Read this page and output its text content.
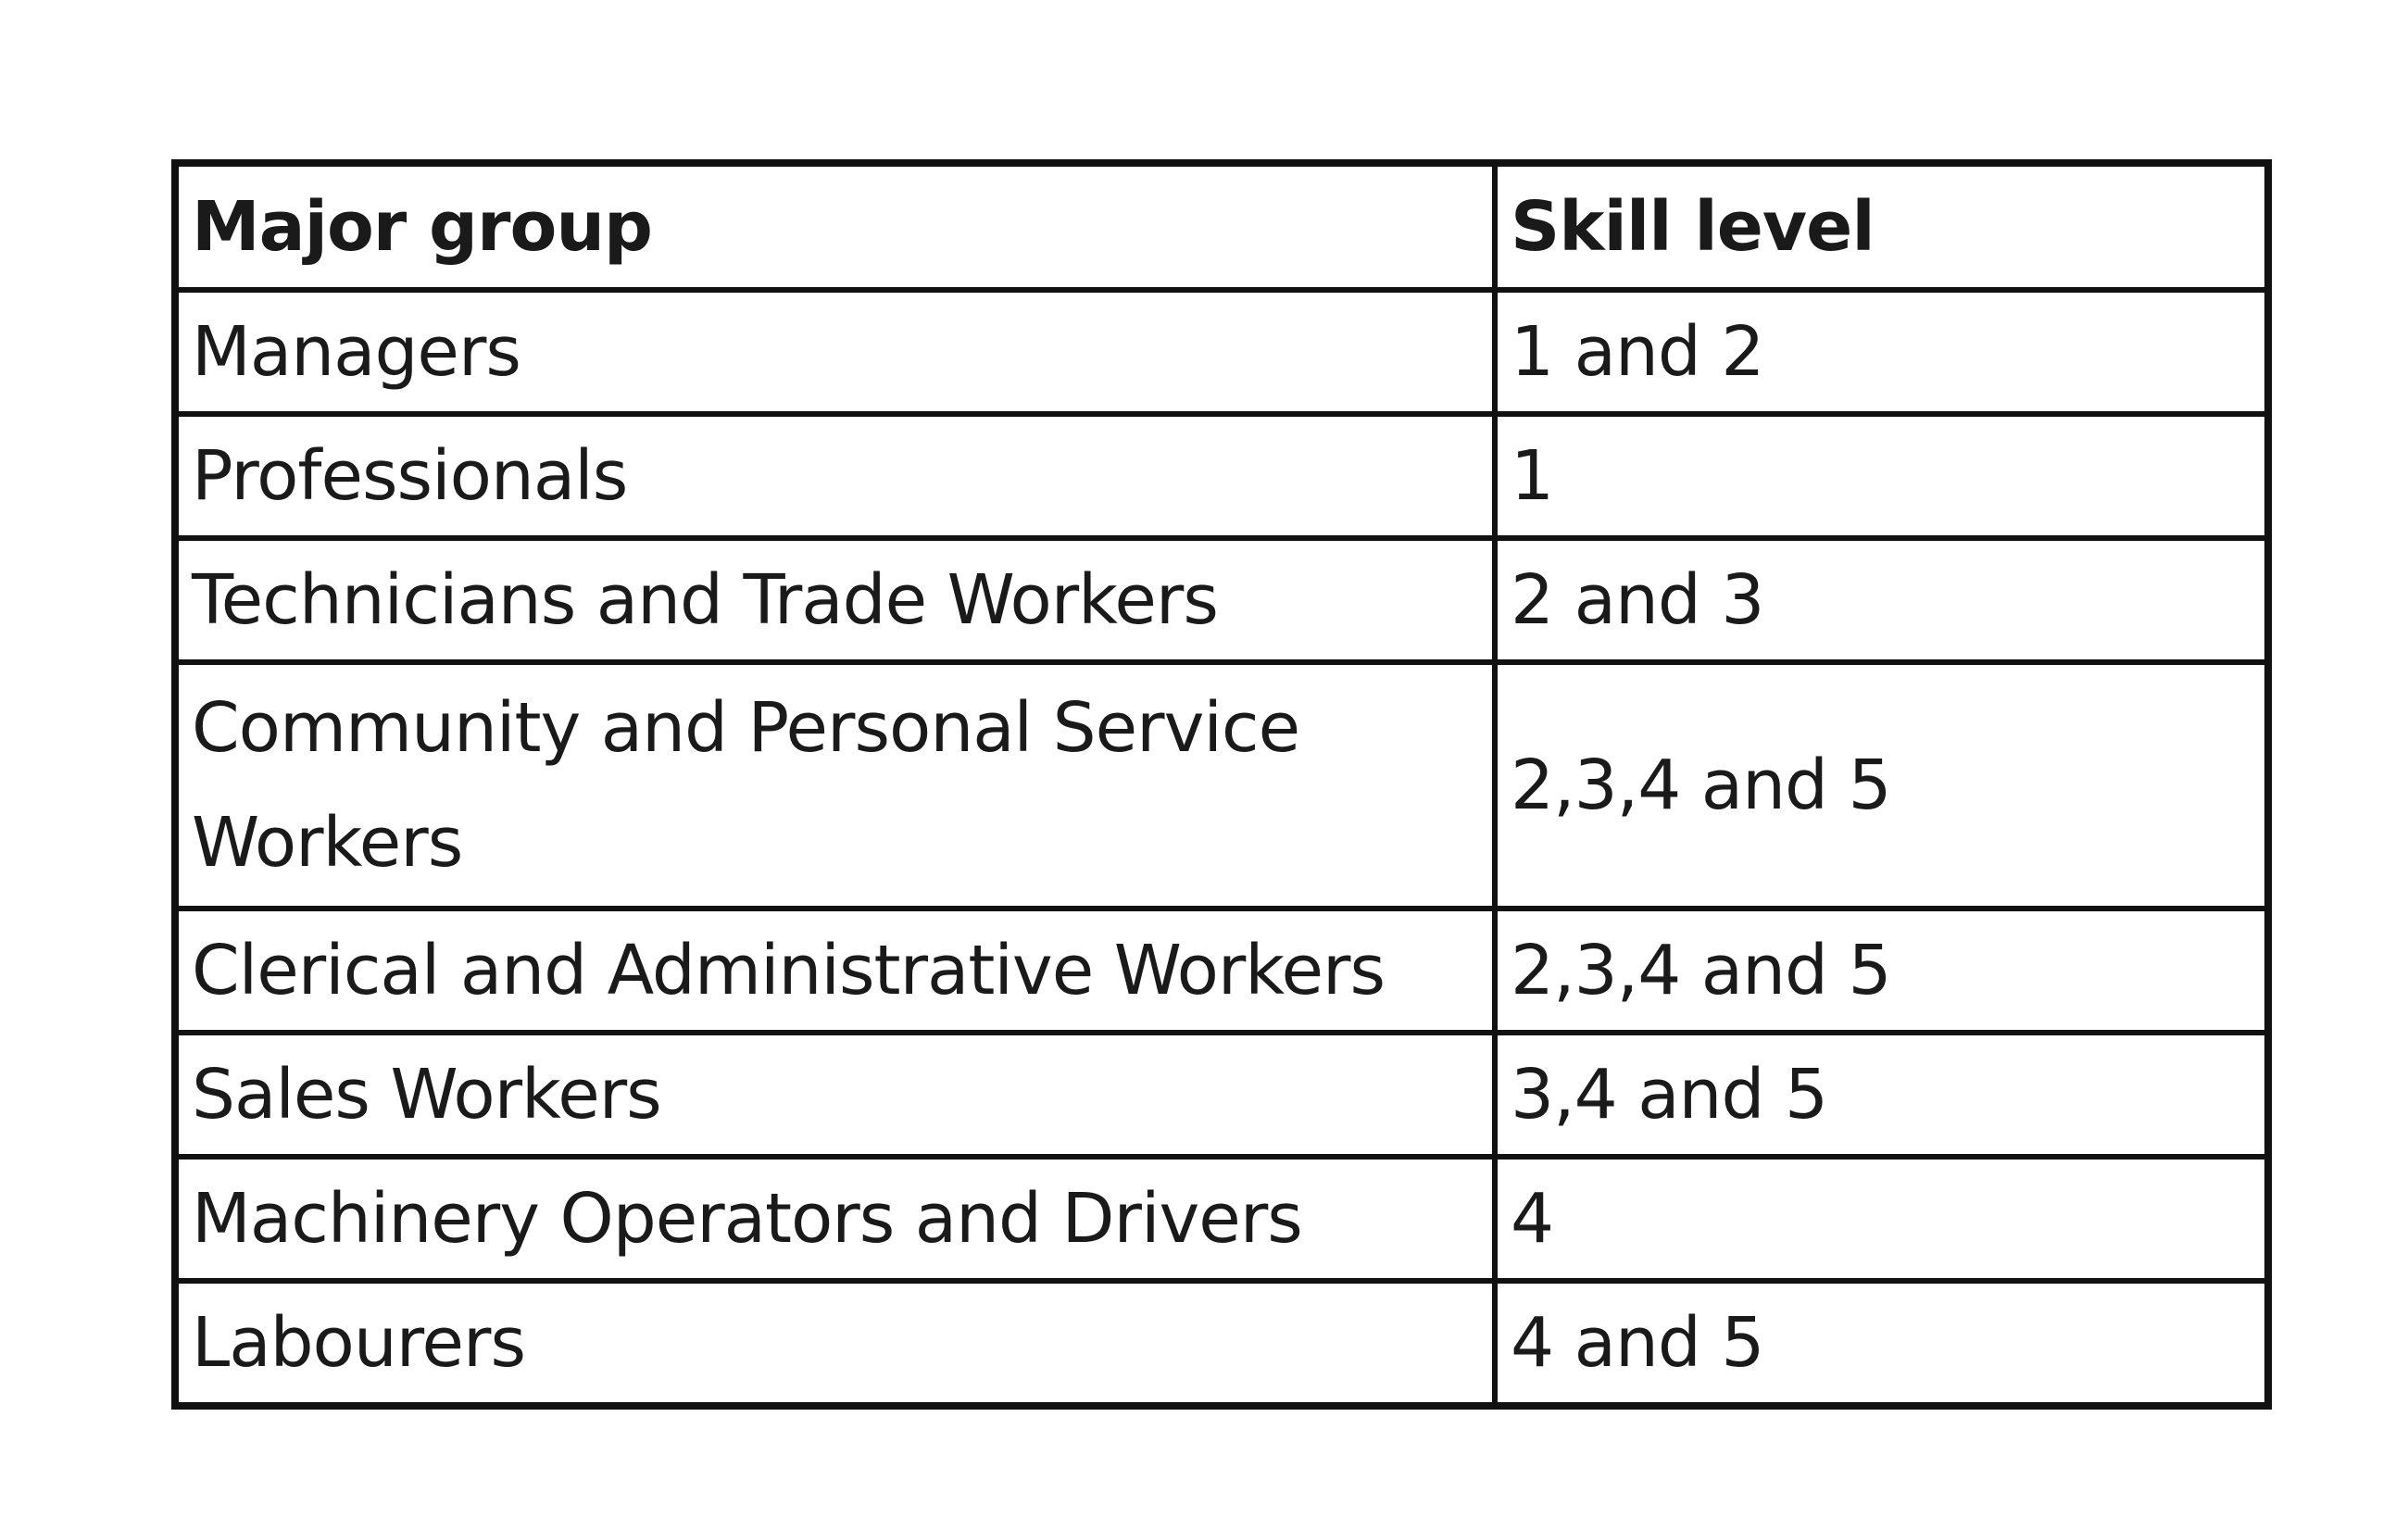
Major group	Skill level
Managers	1 and 2
Professionals	1
Technicians and Trade Workers	2 and 3
Community and Personal Service Workers	2,3,4 and 5
Clerical and Administrative Workers	2,3,4 and 5
Sales Workers	3,4 and 5
Machinery Operators and Drivers	4
Labourers	4 and 5
